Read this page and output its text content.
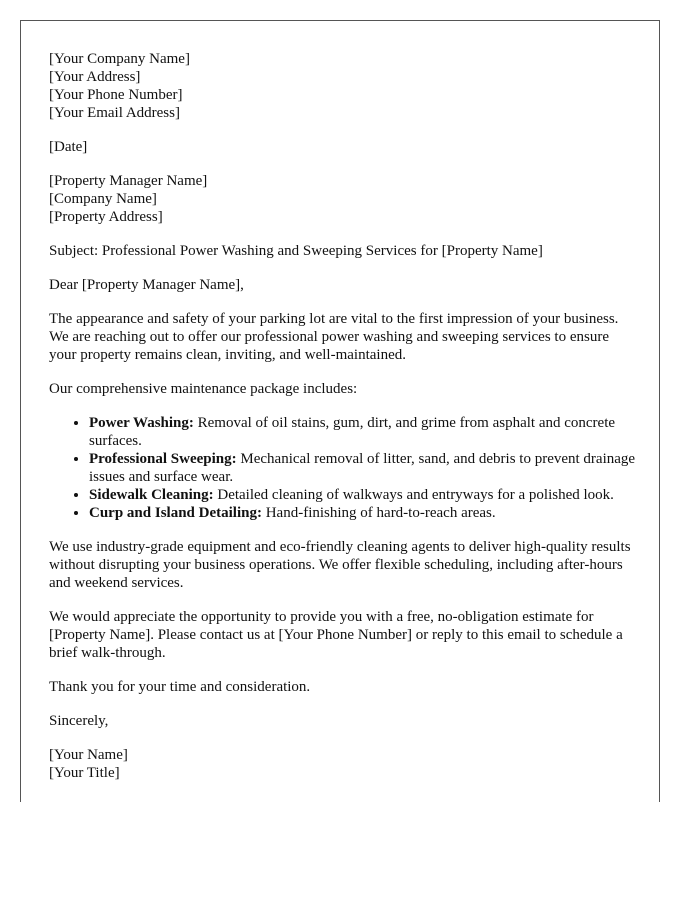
[Your Company Name]
[Your Address]
[Your Phone Number]
[Your Email Address]

[Date]

[Property Manager Name]
[Company Name]
[Property Address]

Subject: Professional Power Washing and Sweeping Services for [Property Name]

Dear [Property Manager Name],

The appearance and safety of your parking lot are vital to the first impression of your business. We are reaching out to offer our professional power washing and sweeping services to ensure your property remains clean, inviting, and well-maintained.

Our comprehensive maintenance package includes:

• Power Washing: Removal of oil stains, gum, dirt, and grime from asphalt and concrete surfaces.
• Professional Sweeping: Mechanical removal of litter, sand, and debris to prevent drainage issues and surface wear.
• Sidewalk Cleaning: Detailed cleaning of walkways and entryways for a polished look.
• Curp and Island Detailing: Hand-finishing of hard-to-reach areas.

We use industry-grade equipment and eco-friendly cleaning agents to deliver high-quality results without disrupting your business operations. We offer flexible scheduling, including after-hours and weekend services.

We would appreciate the opportunity to provide you with a free, no-obligation estimate for [Property Name]. Please contact us at [Your Phone Number] or reply to this email to schedule a brief walk-through.

Thank you for your time and consideration.

Sincerely,

[Your Name]
[Your Title]
